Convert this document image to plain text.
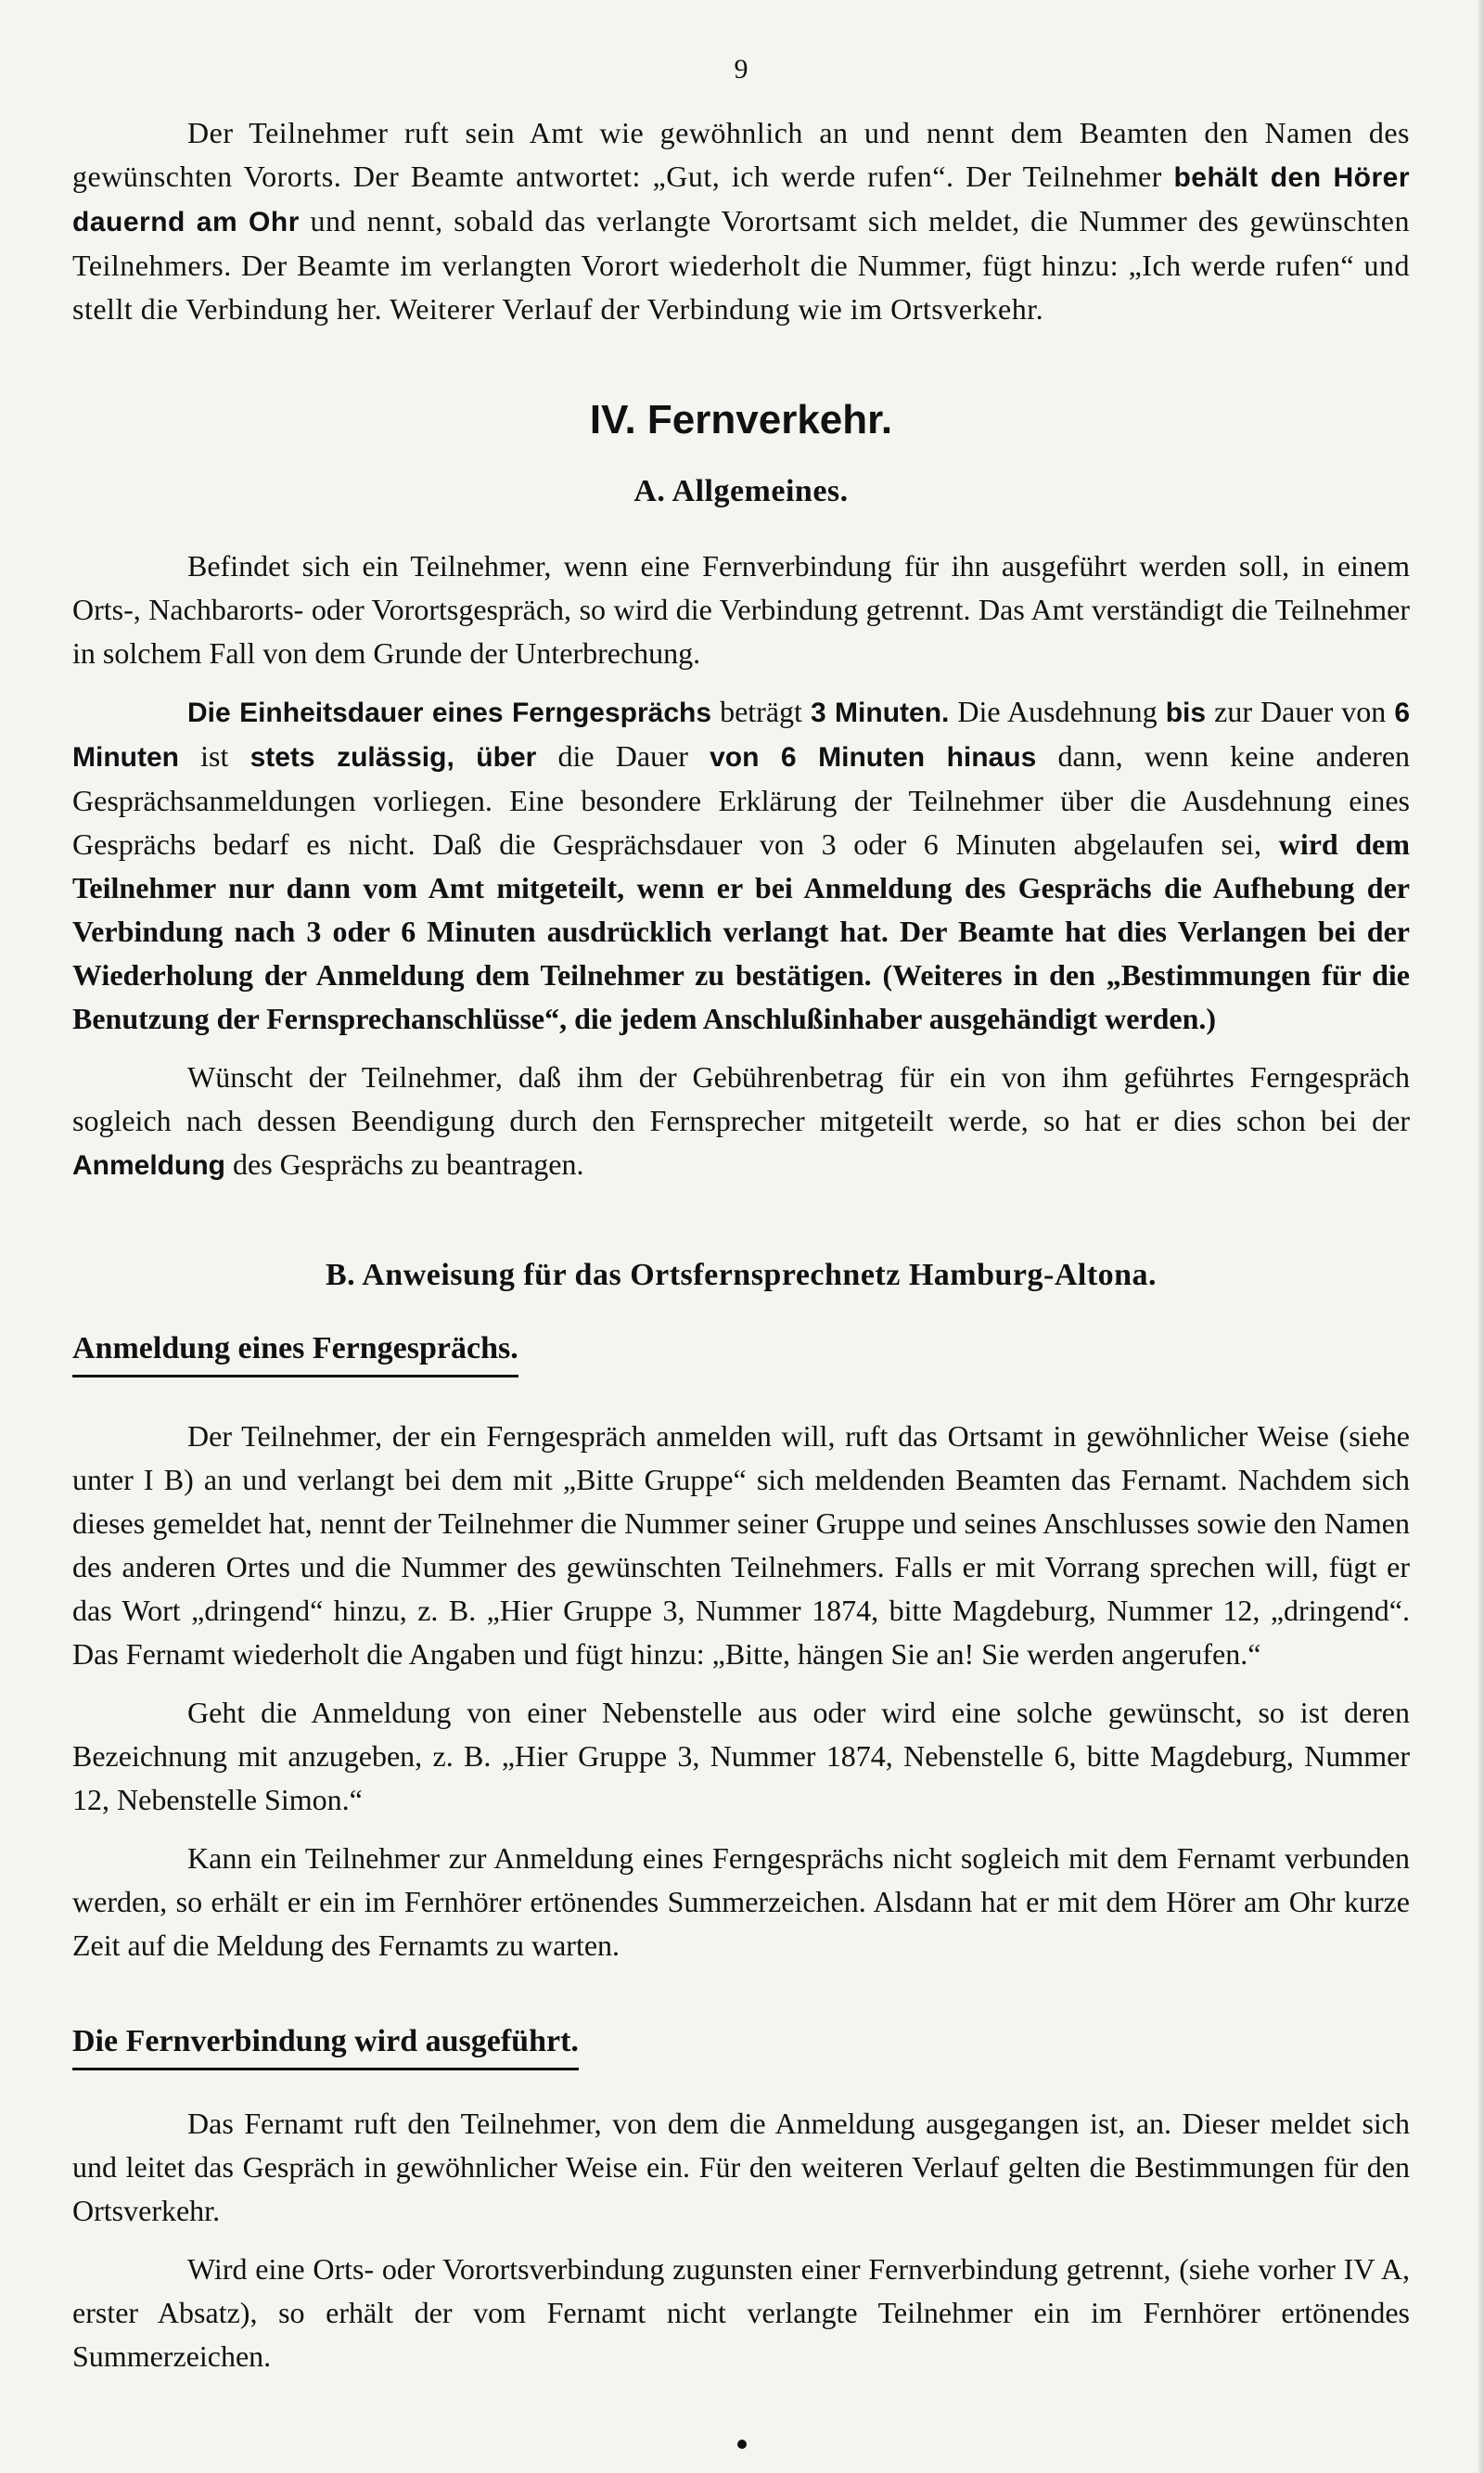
9

Der Teilnehmer ruft sein Amt wie gewöhnlich an und nennt dem Beamten den Namen des gewünschten Vororts. Der Beamte antwortet: „Gut, ich werde rufen“. Der Teilnehmer behält den Hörer dauernd am Ohr und nennt, sobald das verlangte Vorortsamt sich meldet, die Nummer des gewünschten Teilnehmers. Der Beamte im verlangten Vorort wiederholt die Nummer, fügt hinzu: „Ich werde rufen“ und stellt die Verbindung her. Weiterer Verlauf der Verbindung wie im Ortsverkehr.

IV. Fernverkehr.
A. Allgemeines.

Befindet sich ein Teilnehmer, wenn eine Fernverbindung für ihn ausgeführt werden soll, in einem Orts-, Nachbarorts- oder Vorortsgespräch, so wird die Verbindung getrennt. Das Amt verständigt die Teilnehmer in solchem Fall von dem Grunde der Unterbrechung.

Die Einheitsdauer eines Ferngesprächs beträgt 3 Minuten. Die Ausdehnung bis zur Dauer von 6 Minuten ist stets zulässig, über die Dauer von 6 Minuten hinaus dann, wenn keine anderen Gesprächsanmeldungen vorliegen. Eine besondere Erklärung der Teilnehmer über die Ausdehnung eines Gesprächs bedarf es nicht. Daß die Gesprächsdauer von 3 oder 6 Minuten abgelaufen sei, wird dem Teilnehmer nur dann vom Amt mitgeteilt, wenn er bei Anmeldung des Gesprächs die Aufhebung der Verbindung nach 3 oder 6 Minuten ausdrücklich verlangt hat. Der Beamte hat dies Verlangen bei der Wiederholung der Anmeldung dem Teilnehmer zu bestätigen. (Weiteres in den „Bestimmungen für die Benutzung der Fernsprechanschlüsse“, die jedem Anschlußinhaber ausgehändigt werden.)

Wünscht der Teilnehmer, daß ihm der Gebührenbetrag für ein von ihm geführtes Ferngespräch sogleich nach dessen Beendigung durch den Fernsprecher mitgeteilt werde, so hat er dies schon bei der Anmeldung des Gesprächs zu beantragen.

B. Anweisung für das Ortsfernsprechnetz Hamburg-Altona.
Anmeldung eines Ferngesprächs.

Der Teilnehmer, der ein Ferngespräch anmelden will, ruft das Ortsamt in gewöhnlicher Weise (siehe unter I B) an und verlangt bei dem mit „Bitte Gruppe“ sich meldenden Beamten das Fernamt. Nachdem sich dieses gemeldet hat, nennt der Teilnehmer die Nummer seiner Gruppe und seines Anschlusses sowie den Namen des anderen Ortes und die Nummer des gewünschten Teilnehmers. Falls er mit Vorrang sprechen will, fügt er das Wort „dringend“ hinzu, z. B. „Hier Gruppe 3, Nummer 1874, bitte Magdeburg, Nummer 12, „dringend“. Das Fernamt wiederholt die Angaben und fügt hinzu: „Bitte, hängen Sie an! Sie werden angerufen.“

Geht die Anmeldung von einer Nebenstelle aus oder wird eine solche gewünscht, so ist deren Bezeichnung mit anzugeben, z. B. „Hier Gruppe 3, Nummer 1874, Nebenstelle 6, bitte Magdeburg, Nummer 12, Nebenstelle Simon.“

Kann ein Teilnehmer zur Anmeldung eines Ferngesprächs nicht sogleich mit dem Fernamt verbunden werden, so erhält er ein im Fernhörer ertönendes Summerzeichen. Alsdann hat er mit dem Hörer am Ohr kurze Zeit auf die Meldung des Fernamts zu warten.

Die Fernverbindung wird ausgeführt.

Das Fernamt ruft den Teilnehmer, von dem die Anmeldung ausgegangen ist, an. Dieser meldet sich und leitet das Gespräch in gewöhnlicher Weise ein. Für den weiteren Verlauf gelten die Bestimmungen für den Ortsverkehr.

Wird eine Orts- oder Vorortsverbindung zugunsten einer Fernverbindung getrennt, (siehe vorher IV A, erster Absatz), so erhält der vom Fernamt nicht verlangte Teilnehmer ein im Fernhörer ertönendes Summerzeichen.
